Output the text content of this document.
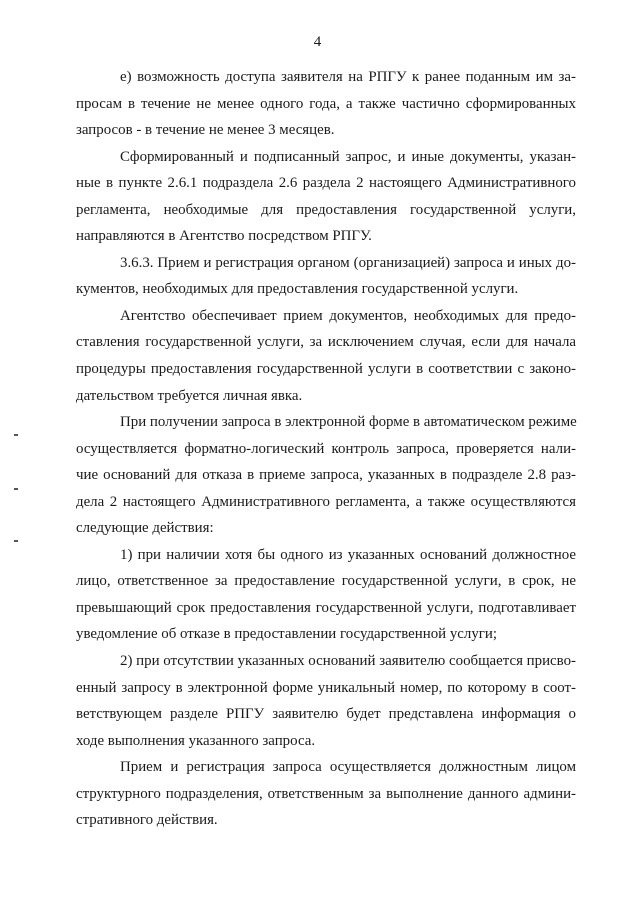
4
е) возможность доступа заявителя на РПГУ к ранее поданным им за-
просам в течение не менее одного года, а также частично сформированных
запросов - в течение не менее 3 месяцев.
Сформированный и подписанный запрос, и иные документы, указан-
ные в пункте 2.6.1 подраздела 2.6 раздела 2 настоящего Административного
регламента, необходимые для предоставления государственной услуги,
направляются в Агентство посредством РПГУ.
3.6.3. Прием и регистрация органом (организацией) запроса и иных до-
кументов, необходимых для предоставления государственной услуги.
Агентство обеспечивает прием документов, необходимых для предо-
ставления государственной услуги, за исключением случая, если для начала
процедуры предоставления государственной услуги в соответствии с законо-
дательством требуется личная явка.
При получении запроса в электронной форме в автоматическом режиме
осуществляется форматно-логический контроль запроса, проверяется нали-
чие оснований для отказа в приеме запроса, указанных в подразделе 2.8 раз-
дела 2 настоящего Административного регламента, а также осуществляются
следующие действия:
1) при наличии хотя бы одного из указанных оснований должностное
лицо, ответственное за предоставление государственной услуги, в срок, не
превышающий срок предоставления государственной услуги, подготавливает
уведомление об отказе в предоставлении государственной услуги;
2) при отсутствии указанных оснований заявителю сообщается присво-
енный запросу в электронной форме уникальный номер, по которому в соот-
ветствующем разделе РПГУ заявителю будет представлена информация о
ходе выполнения указанного запроса.
Прием и регистрация запроса осуществляется должностным лицом
структурного подразделения, ответственным за выполнение данного админи-
стративного действия.
